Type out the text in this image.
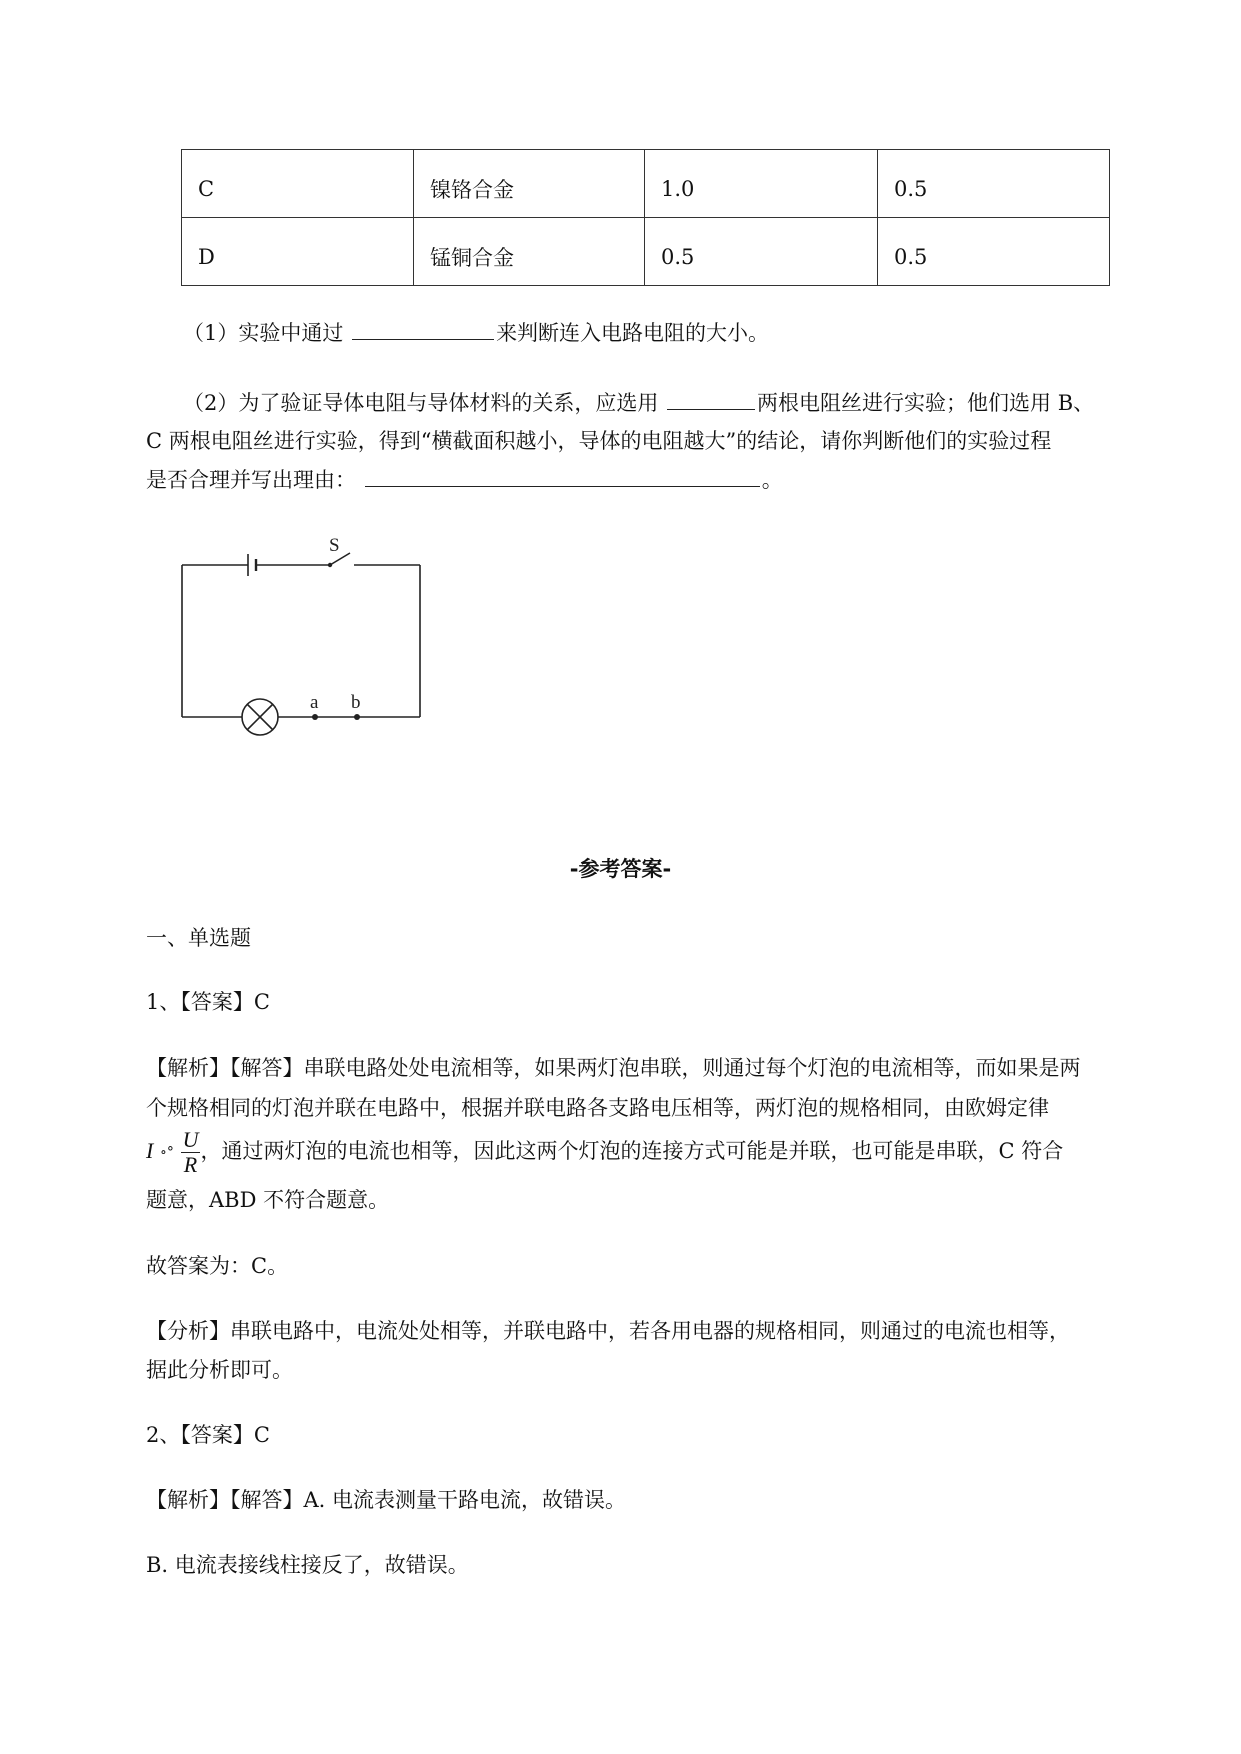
C	镍铬合金	1.0	0.5
D	锰铜合金	0.5	0.5
（1）实验中通过	来判断连入电路电阻的大小。
（2）为了验证导体电阻与导体材料的关系，应选用	两根电阻丝进行实验；他们选用 B、
C 两根电阻丝进行实验，得到“横截面积越小，导体的电阻越大”的结论，请你判断他们的实验过程
是否合理并写出理由：	。
S
a b
-参考答案-
一、单选题
1、【答案】C
【解析】【解答】串联电路处处电流相等，如果两灯泡串联，则通过每个灯泡的电流相等，而如果是两
个规格相同的灯泡并联在电路中，根据并联电路各支路电压相等，两灯泡的规格相同，由欧姆定律
I ∘° $\frac{U}{R}$ ，通过两灯泡的电流也相等，因此这两个灯泡的连接方式可能是并联，也可能是串联，C 符合
题意，ABD 不符合题意。
故答案为：C。
【分析】串联电路中，电流处处相等，并联电路中，若各用电器的规格相同，则通过的电流也相等，
据此分析即可。
2、【答案】C
【解析】【解答】A. 电流表测量干路电流，故错误。
B. 电流表接线柱接反了，故错误。
